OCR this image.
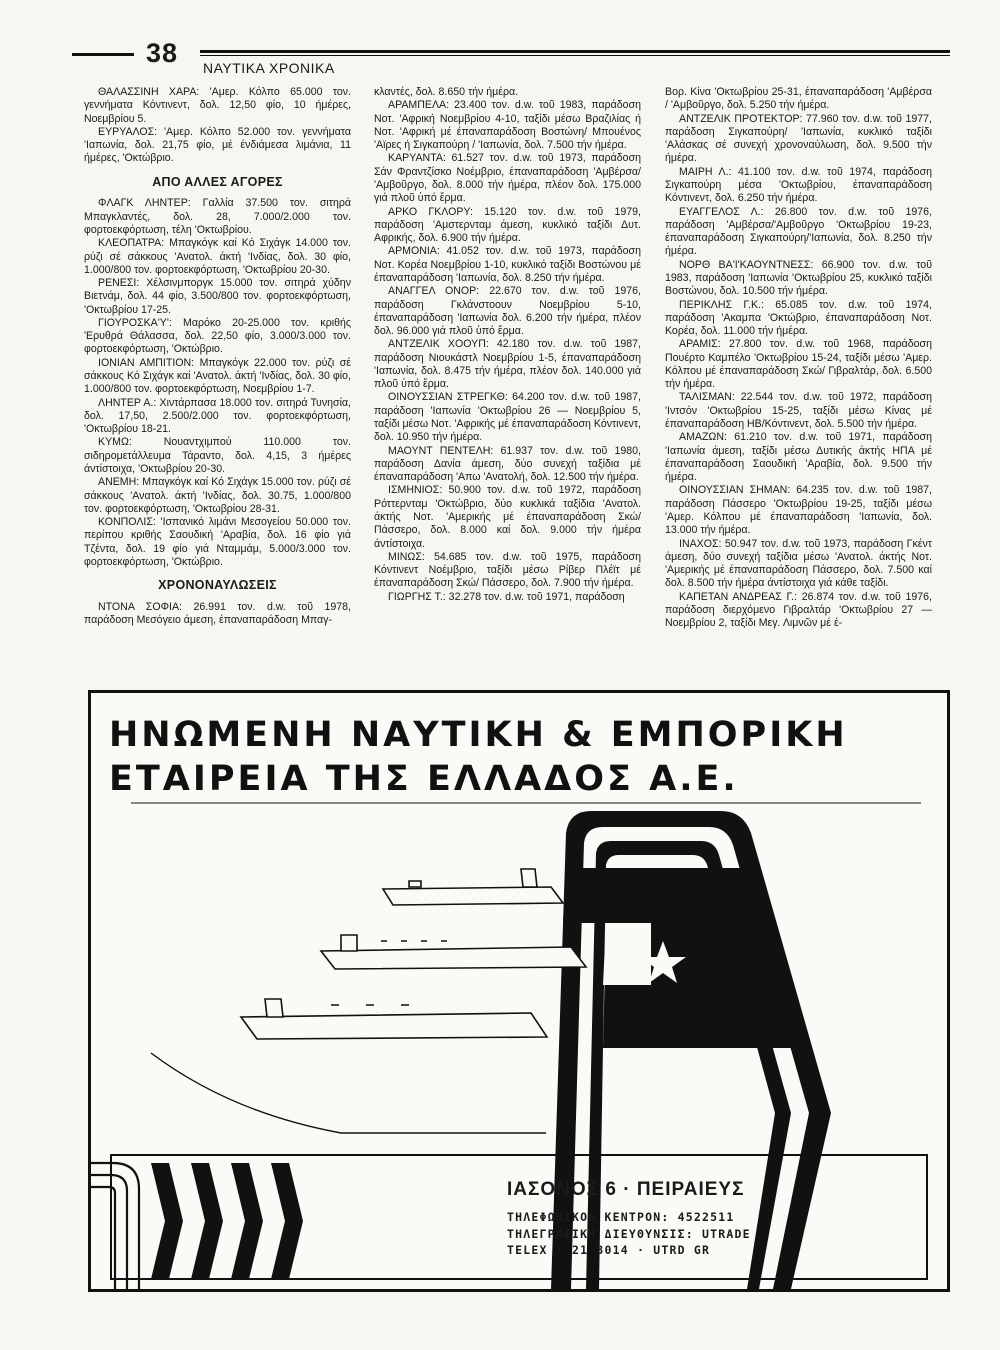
38 ΝΑΥΤΙΚΑ ΧΡΟΝΙΚΑ

ΘΑΛΑΣΣΙΝΗ ΧΑΡΑ: 'Αμερ. Κόλπο 65.000 τον. γεννήματα Κόντινεντ, δολ. 12,50 φίο, 10 ήμέρες, Νοεμβρίου 5.

ΕΥΡΥΑΛΟΣ: 'Αμερ. Κόλπο 52.000 τον. γεννήματα 'Ιαπωνία, δολ. 21,75 φίο, μέ ένδιάμεσα λιμάνια, 11 ήμέρες, 'Οκτώβριο.

ΑΠΟ ΑΛΛΕΣ ΑΓΟΡΕΣ

ΦΛΑΓΚ ΛΗΝΤΕΡ: Γαλλία 37.500 τον. σιτηρά Μπαγκλαντές, δολ. 28, 7.000/2.000 τον. φορτοεκφόρτωση, τέλη 'Οκτωβρίου.

ΚΛΕΟΠΑΤΡΑ: Μπαγκόγκ καί Κό Σιχάγκ 14.000 τον. ρύζι σέ σάκκους 'Ανατολ. άκτή 'Ινδίας, δολ. 30 φίο, 1.000/800 τον. φορτοεκφόρτωση, 'Οκτωβρίου 20-30.

ΡΕΝΕΣΙ: Χέλσινμποργκ 15.000 τον. σιτηρά χύδην Βιετνάμ, δολ. 44 φίο, 3.500/800 τον. φορτοεκφόρτωση, 'Οκτωβρίου 17-25.

ΓΙΟΥΡΟΣΚΑ'Υ': Μαρόκο 20-25.000 τον. κριθής 'Ερυθρά Θάλασσα, δολ. 22,50 φίο, 3.000/3.000 τον. φορτοεκφόρτωση, 'Οκτώβριο.

ΙΟΝΙΑΝ ΑΜΠΙΤΙΟΝ: Μπαγκόγκ 22.000 τον. ρύζι σέ σάκκους Κό Σιχάγκ καί 'Ανατολ. άκτή 'Ινδίας, δολ. 30 φίο, 1.000/800 τον. φορτοεκφόρτωση, Νοεμβρίου 1-7.

ΛΗΝΤΕΡ Α.: Χιντάρπασα 18.000 τον. σιτηρά Τυνησία, δολ. 17,50, 2.500/2.000 τον. φορτοεκφόρτωση, 'Οκτωβρίου 18-21.

ΚΥΜΩ: Νουαντχιμπού 110.000 τον. σιδηρομετάλλευμα Τάραντο, δολ. 4,15, 3 ήμέρες άντίστοιχα, 'Οκτωβρίου 20-30.

ΑΝΕΜΗ: Μπαγκόγκ καί Κό Σιχάγκ 15.000 τον. ρύζι σέ σάκκους 'Ανατολ. άκτή 'Ινδίας, δολ. 30.75, 1.000/800 τον. φορτοεκφόρτωση, 'Οκτωβρίου 28-31.

ΚΟΝΠΟΛΙΣ: 'Ισπανικό λιμάνι Μεσογείου 50.000 τον. περίπου κριθής Σαουδική 'Αραβία, δολ. 16 φίο γιά Τζέντα, δολ. 19 φίο γιά Νταμμάμ, 5.000/3.000 τον. φορτοεκφόρτωση, 'Οκτώβριο.

ΧΡΟΝΟΝΑΥΛΩΣΕΙΣ

ΝΤΟΝΑ ΣΟΦΙΑ: 26.991 τον. d.w. τοῦ 1978, παράδοση Μεσόγειο άμεση, έπαναπαράδοση Μπαγ-

κλαντές, δολ. 8.650 τήν ήμέρα.

ΑΡΑΜΠΕΛΑ: 23.400 τον. d.w. τοῦ 1983, παράδοση Νοτ. 'Αφρική Νοεμβρίου 4-10, ταξίδι μέσω Βραζιλίας ή Νοτ. 'Αφρική μέ έπαναπαράδοση Βοστώνη/ Μπουένος 'Αϊρες ή Σιγκαπούρη / 'Ιαπωνία, δολ. 7.500 τήν ήμέρα.

ΚΑΡΥΑΝΤΑ: 61.527 τον. d.w. τοῦ 1973, παράδοση Σάν Φραντζίσκο Νοέμβριο, έπαναπαράδοση 'Αμβέρσα/ 'Αμβοῦργο, δολ. 8.000 τήν ήμέρα, πλέον δολ. 175.000 γιά πλοῦ ὑπό ἔρμα.

ΑΡΚΟ ΓΚΛΟΡΥ: 15.120 τον. d.w. τοῦ 1979, παράδοση 'Αμστερνταμ άμεση, κυκλικό ταξίδι Δυτ. Αφρικής, δολ. 6.900 τήν ήμέρα.

ΑΡΜΟΝΙΑ: 41.052 τον. d.w. τοῦ 1973, παράδοση Νοτ. Κορέα Νοεμβρίου 1-10, κυκλικό ταξίδι Βοστώνου μέ έπαναπαράδοση 'Ιαπωνία, δολ. 8.250 τήν ήμέρα.

ΑΝΑΓΓΕΛ ΟΝΟΡ: 22.670 τον. d.w. τοῦ 1976, παράδοση Γκλάνστοουν Νοεμβρίου 5-10, έπαναπαράδοση 'Ιαπωνία δολ. 6.200 τήν ήμέρα, πλέον δολ. 96.000 γιά πλοῦ ὑπό ἔρμα.

ΑΝΤΖΕΛΙΚ ΧΟΟΥΠ: 42.180 τον. d.w. τοῦ 1987, παράδοση Νιουκάστλ Νοεμβρίου 1-5, έπαναπαράδοση 'Ιαπωνία, δολ. 8.475 τήν ήμέρα, πλέον δολ. 140.000 γιά πλοῦ ὑπό ἔρμα.

ΟΙΝΟΥΣΣΙΑΝ ΣΤΡΕΓΚΘ: 64.200 τον. d.w. τοῦ 1987, παράδοση 'Ιαπωνία 'Οκτωβρίου 26 — Νοεμβρίου 5, ταξίδι μέσω Νοτ. 'Αφρικής μέ έπαναπαράδοση Κόντινεντ, δολ. 10.950 τήν ήμέρα.

ΜΑΟΥΝΤ ΠΕΝΤΕΛΗ: 61.937 τον. d.w. τοῦ 1980, παράδοση Δανία άμεση, δύο συνεχή ταξίδια μέ έπαναπαράδοση 'Απω 'Ανατολή, δολ. 12.500 τήν ήμέρα.

ΙΣΜΗΝΙΟΣ: 50.900 τον. d.w. τοῦ 1972, παράδοση Ρόττερνταμ 'Οκτώβριο, δύο κυκλικά ταξίδια 'Ανατολ. άκτής Νοτ. 'Αμερικής μέ έπαναπαράδοση Σκώ/ Πάσσερο, δολ. 8.000 καί δολ. 9.000 τήν ήμέρα άντίστοιχα.

ΜΙΝΩΣ: 54.685 τον. d.w. τοῦ 1975, παράδοση Κόντινεντ Νοέμβριο, ταξίδι μέσω Ρίβερ Πλέϊτ μέ έπαναπαράδοση Σκώ/ Πάσσερο, δολ. 7.900 τήν ήμέρα.

ΓΙΩΡΓΗΣ Τ.: 32.278 τον. d.w. τοῦ 1971, παράδοση

Βορ. Κίνα 'Οκτωβρίου 25-31, έπαναπαράδοση 'Αμβέρσα / 'Αμβοῦργο, δολ. 5.250 τήν ήμέρα.

ΑΝΤΖΕΛΙΚ ΠΡΟΤΕΚΤΟΡ: 77.960 τον. d.w. τοῦ 1977, παράδοση Σιγκαπούρη/ 'Ιαπωνία, κυκλικό ταξίδι 'Αλάσκας σέ συνεχή χρονοναύλωση, δολ. 9.500 τήν ήμέρα.

ΜΑΙΡΗ Λ.: 41.100 τον. d.w. τοῦ 1974, παράδοση Σιγκαπούρη μέσα 'Οκτωβρίου, έπαναπαράδοση Κόντινεντ, δολ. 6.250 τήν ήμέρα.

ΕΥΑΓΓΕΛΟΣ Λ.: 26.800 τον. d.w. τοῦ 1976, παράδοση 'Αμβέρσα/'Αμβοῦργο 'Οκτωβρίου 19-23, έπαναπαράδοση Σιγκαπούρη/'Ιαπωνία, δολ. 8.250 τήν ήμέρα.

ΝΟΡΘ ΒΑ'Ι'ΚΑΟΥΝΤΝΕΣΣ: 66.900 τον. d.w. τοῦ 1983, παράδοση 'Ιαπωνία 'Οκτωβρίου 25, κυκλικό ταξίδι Βοστώνου, δολ. 10.500 τήν ήμέρα.

ΠΕΡΙΚΛΗΣ Γ.Κ.: 65.085 τον. d.w. τοῦ 1974, παράδοση 'Ακαμπα 'Οκτώβριο, έπαναπαράδοση Νοτ. Κορέα, δολ. 11.000 τήν ήμέρα.

ΑΡΑΜΙΣ: 27.800 τον. d.w. τοῦ 1968, παράδοση Πουέρτο Καμπέλο 'Οκτωβρίου 15-24, ταξίδι μέσω 'Αμερ. Κόλπου μέ έπαναπαράδοση Σκώ/ Γιβραλτάρ, δολ. 6.500 τήν ήμέρα.

ΤΑΛΙΣΜΑΝ: 22.544 τον. d.w. τοῦ 1972, παράδοση 'Ιντσόν 'Οκτωβρίου 15-25, ταξίδι μέσω Κίνας μέ έπαναπαράδοση ΗΒ/Κόντινεντ, δολ. 5.500 τήν ήμέρα.

ΑΜΑΖΩΝ: 61.210 τον. d.w. τοῦ 1971, παράδοση 'Ιαπωνία άμεση, ταξίδι μέσω Δυτικής άκτής ΗΠΑ μέ έπαναπαράδοση Σαουδική 'Αραβία, δολ. 9.500 τήν ήμέρα.

ΟΙΝΟΥΣΣΙΑΝ ΣΗΜΑΝ: 64.235 τον. d.w. τοῦ 1987, παράδοση Πάσσερο 'Οκτωβρίου 19-25, ταξίδι μέσω 'Αμερ. Κόλπου μέ έπαναπαράδοση 'Ιαπωνία, δολ. 13.000 τήν ήμέρα.

ΙΝΑΧΟΣ: 50.947 τον. d.w. τοῦ 1973, παράδοση Γκέντ άμεση, δύο συνεχή ταξίδια μέσω 'Ανατολ. άκτής Νοτ. 'Αμερικής μέ έπαναπαράδοση Πάσσερο, δολ. 7.500 καί δολ. 8.500 τήν ήμέρα άντίστοιχα γιά κάθε ταξίδι.

ΚΑΠΕΤΑΝ ΑΝΔΡΕΑΣ Γ.: 26.874 τον. d.w. τοῦ 1976, παράδοση διερχόμενο Γιβραλτάρ 'Οκτωβρίου 27 — Νοεμβρίου 2, ταξίδι Μεγ. Λιμνῶν μέ έ-

ΗΝΩΜΕΝΗ ΝΑΥΤΙΚΗ & ΕΜΠΟΡΙΚΗ
ΕΤΑΙΡΕΙΑ ΤΗΣ ΕΛΛΑΔΟΣ Α.Ε.
ΙΑΣΟΝΟΣ 6 · ΠΕΙΡΑΙΕΥΣ
ΤΗΛΕΦΩΝΙΚΟΝ ΚΕΝΤΡΟΝ: 4522511
ΤΗΛΕΓΡΑΦΙΚΗ ΔΙΕΥΘΥΝΣΙΣ: UTRADE
TELEX : 21 3014 · UTRD GR
